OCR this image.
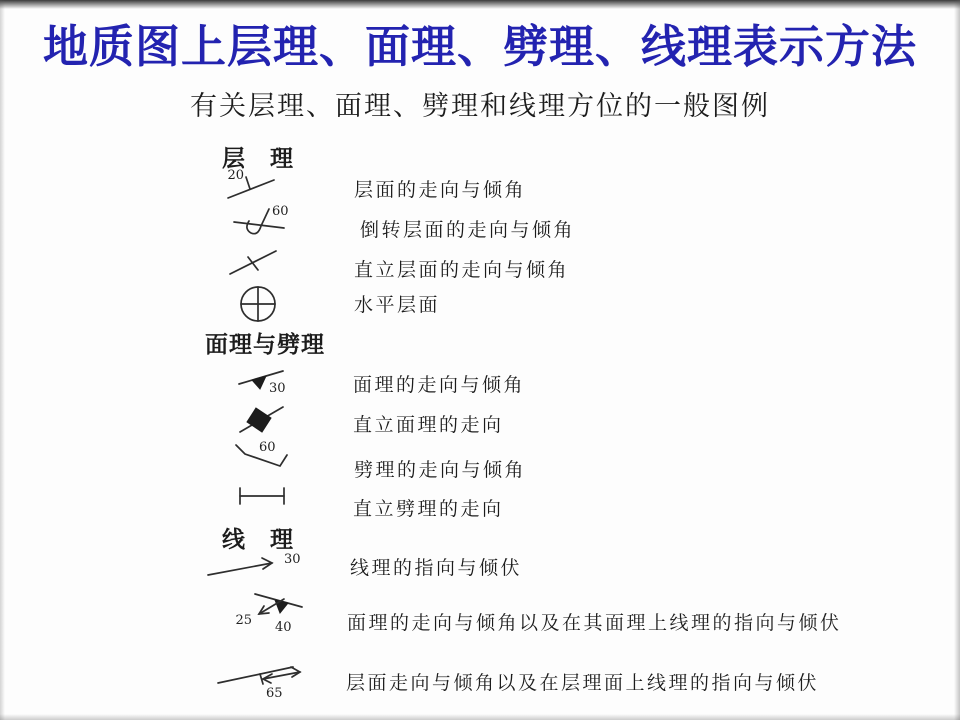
地质图上层理、面理、劈理、线理表示方法
有关层理、面理、劈理和线理方位的一般图例
层　理
20
层面的走向与倾角
60
倒转层面的走向与倾角
直立层面的走向与倾角
水平层面
面理与劈理
30	面理的走向与倾角
直立面理的走向
60
劈理的走向与倾角
直立劈理的走向
线　理
30	线理的指向与倾伏
25 40	面理的走向与倾角以及在其面理上线理的指向与倾伏
65	层面走向与倾角以及在层理面上线理的指向与倾伏
